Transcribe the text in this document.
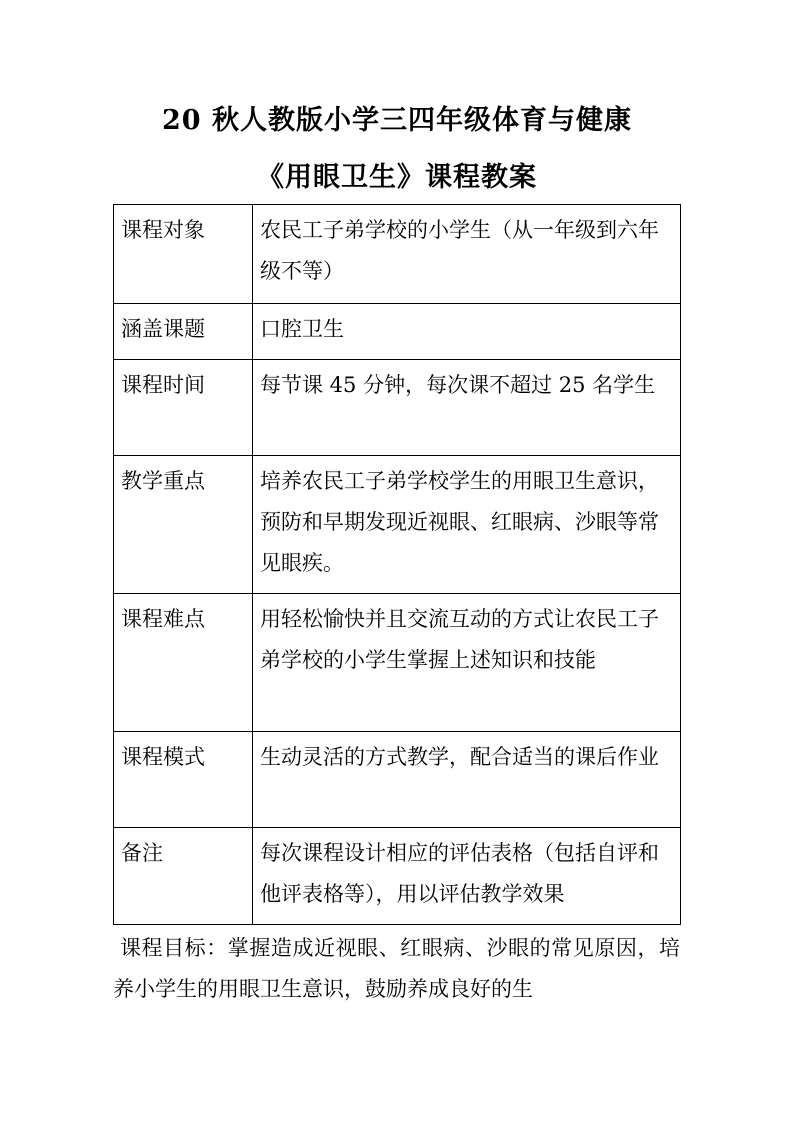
20 秋人教版小学三四年级体育与健康
《用眼卫生》课程教案
课程对象	农民工子弟学校的小学生（从一年级到六年级不等）
涵盖课题	口腔卫生
课程时间	每节课 45 分钟，每次课不超过 25 名学生
教学重点	培养农民工子弟学校学生的用眼卫生意识，预防和早期发现近视眼、红眼病、沙眼等常见眼疾。
课程难点	用轻松愉快并且交流互动的方式让农民工子弟学校的小学生掌握上述知识和技能
课程模式	生动灵活的方式教学，配合适当的课后作业
备注	每次课程设计相应的评估表格（包括自评和他评表格等），用以评估教学效果

课程目标：掌握造成近视眼、红眼病、沙眼的常见原因，培养小学生的用眼卫生意识，鼓励养成良好的生
